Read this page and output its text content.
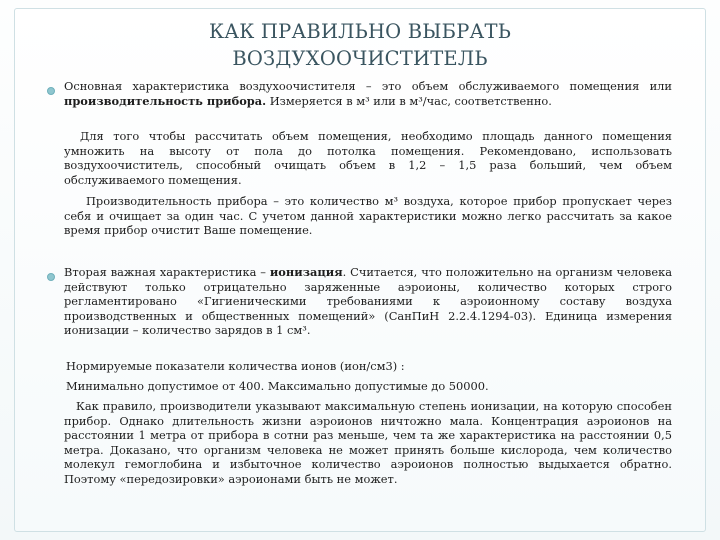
КАК ПРАВИЛЬНО ВЫБРАТЬ
ВОЗДУХООЧИСТИТЕЛЬ
Основная характеристика воздухоочистителя – это объем обслуживаемого помещения или производительность прибора. Измеряется в м³ или в м³/час, соответственно.
Для того чтобы рассчитать объем помещения, необходимо площадь данного помещения умножить на высоту от пола до потолка помещения. Рекомендовано, использовать воздухоочиститель, способный очищать объем в 1,2 – 1,5 раза больший, чем объем обслуживаемого помещения.
Производительность прибора – это количество м³ воздуха, которое прибор пропускает через себя и очищает за один час. С учетом данной характеристики можно легко рассчитать за какое время прибор очистит Ваше помещение.
Вторая важная характеристика – ионизация. Считается, что положительно на организм человека действуют только отрицательно заряженные аэроионы, количество которых строго регламентировано «Гигиеническими требованиями к аэроионному составу воздуха производственных и общественных помещений» (СанПиН 2.2.4.1294-03). Единица измерения ионизации – количество зарядов в 1 см³.
Нормируемые показатели количества ионов (ион/см3) :
Минимально допустимое от 400. Максимально допустимые до 50000.
Как правило, производители указывают максимальную степень ионизации, на которую способен прибор. Однако длительность жизни аэроионов ничтожно мала. Концентрация аэроионов на расстоянии 1 метра от прибора в сотни раз меньше, чем та же характеристика на расстоянии 0,5 метра. Доказано, что организм человека не может принять больше кислорода, чем количество молекул гемоглобина и избыточное количество аэроионов полностью выдыхается обратно. Поэтому «передозировки» аэроионами быть не может.
